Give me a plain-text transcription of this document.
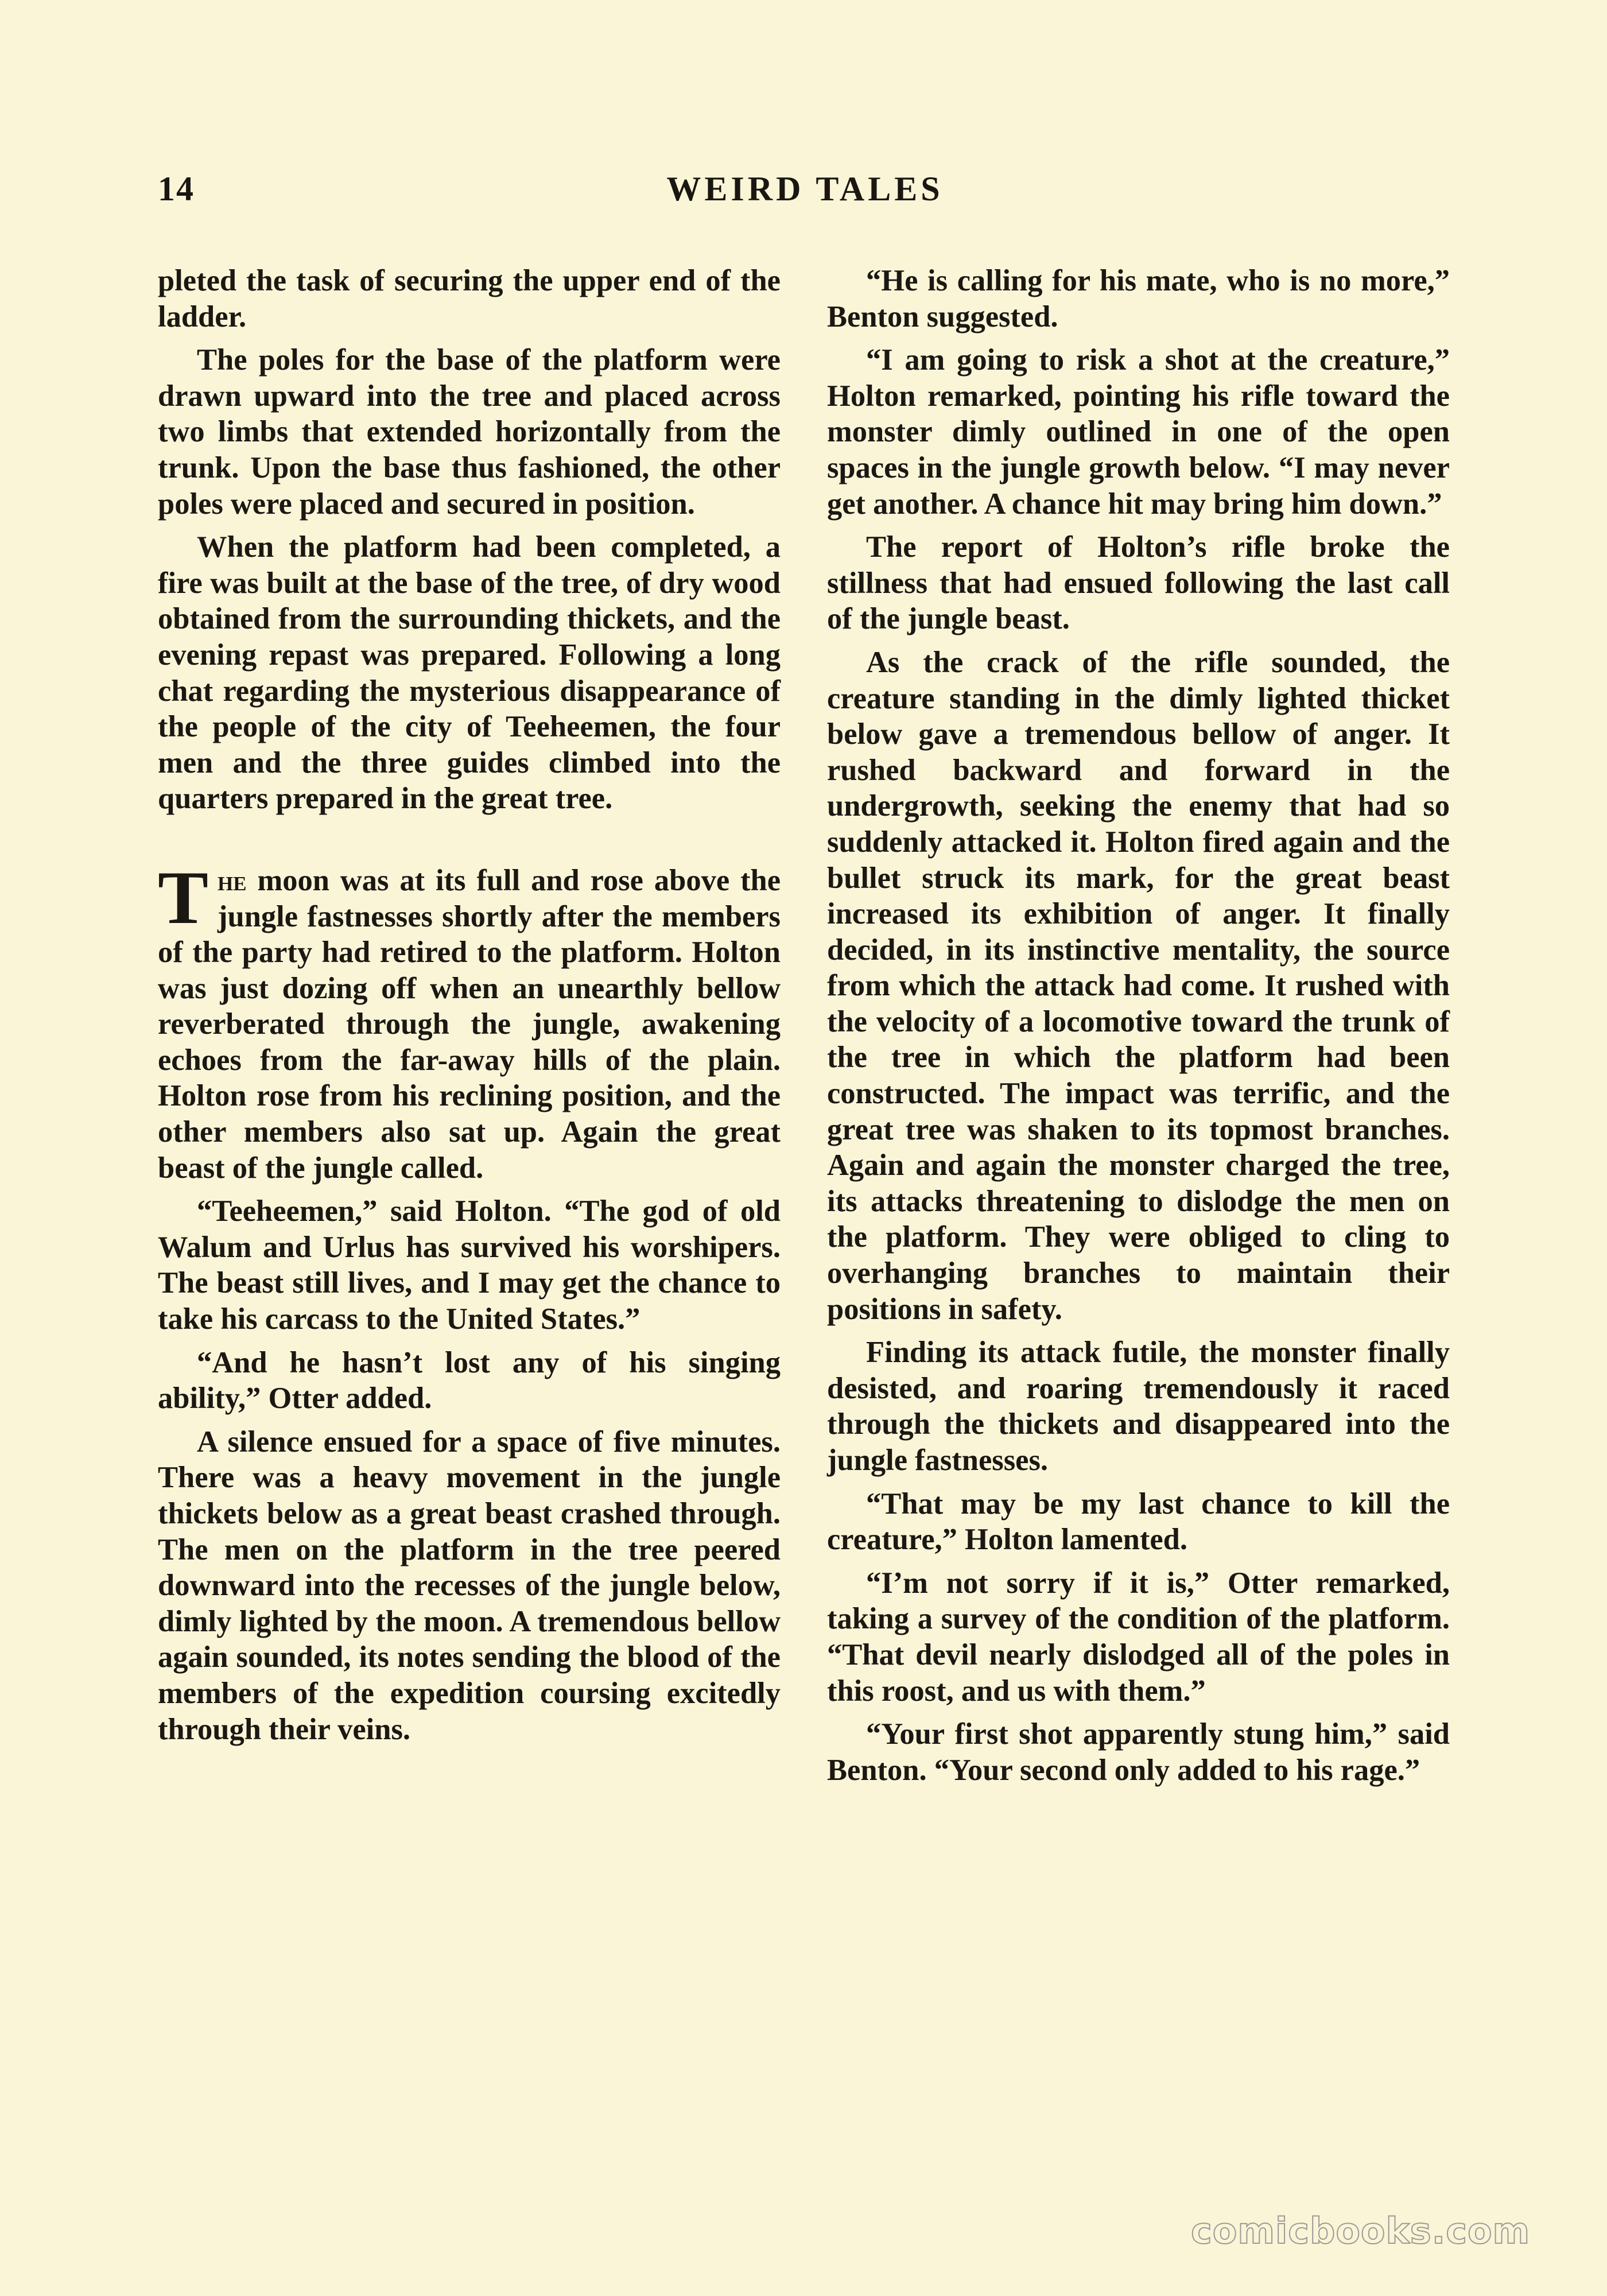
14	WEIRD TALES

pleted the task of securing the upper end of the ladder.

The poles for the base of the platform were drawn upward into the tree and placed across two limbs that extended horizontally from the trunk. Upon the base thus fashioned, the other poles were placed and secured in position.

When the platform had been completed, a fire was built at the base of the tree, of dry wood obtained from the surrounding thickets, and the evening repast was prepared. Following a long chat regarding the mysterious disappearance of the people of the city of Teeheemen, the four men and the three guides climbed into the quarters prepared in the great tree.

The moon was at its full and rose above the jungle fastnesses shortly after the members of the party had retired to the platform. Holton was just dozing off when an unearthly bellow reverberated through the jungle, awakening echoes from the far-away hills of the plain. Holton rose from his reclining position, and the other members also sat up. Again the great beast of the jungle called.

“Teeheemen,” said Holton. “The god of old Walum and Urlus has survived his worshipers. The beast still lives, and I may get the chance to take his carcass to the United States.”

“And he hasn’t lost any of his singing ability,” Otter added.

A silence ensued for a space of five minutes. There was a heavy movement in the jungle thickets below as a great beast crashed through. The men on the platform in the tree peered downward into the recesses of the jungle below, dimly lighted by the moon. A tremendous bellow again sounded, its notes sending the blood of the members of the expedition coursing excitedly through their veins.

“He is calling for his mate, who is no more,” Benton suggested.

“I am going to risk a shot at the creature,” Holton remarked, pointing his rifle toward the monster dimly outlined in one of the open spaces in the jungle growth below. “I may never get another. A chance hit may bring him down.”

The report of Holton’s rifle broke the stillness that had ensued following the last call of the jungle beast.

As the crack of the rifle sounded, the creature standing in the dimly lighted thicket below gave a tremendous bellow of anger. It rushed backward and forward in the undergrowth, seeking the enemy that had so suddenly attacked it. Holton fired again and the bullet struck its mark, for the great beast increased its exhibition of anger. It finally decided, in its instinctive mentality, the source from which the attack had come. It rushed with the velocity of a locomotive toward the trunk of the tree in which the platform had been constructed. The impact was terrific, and the great tree was shaken to its topmost branches. Again and again the monster charged the tree, its attacks threatening to dislodge the men on the platform. They were obliged to cling to overhanging branches to maintain their positions in safety.

Finding its attack futile, the monster finally desisted, and roaring tremendously it raced through the thickets and disappeared into the jungle fastnesses.

“That may be my last chance to kill the creature,” Holton lamented.

“I’m not sorry if it is,” Otter remarked, taking a survey of the condition of the platform. “That devil nearly dislodged all of the poles in this roost, and us with them.”

“Your first shot apparently stung him,” said Benton. “Your second only added to his rage.”

comicbooks.com
